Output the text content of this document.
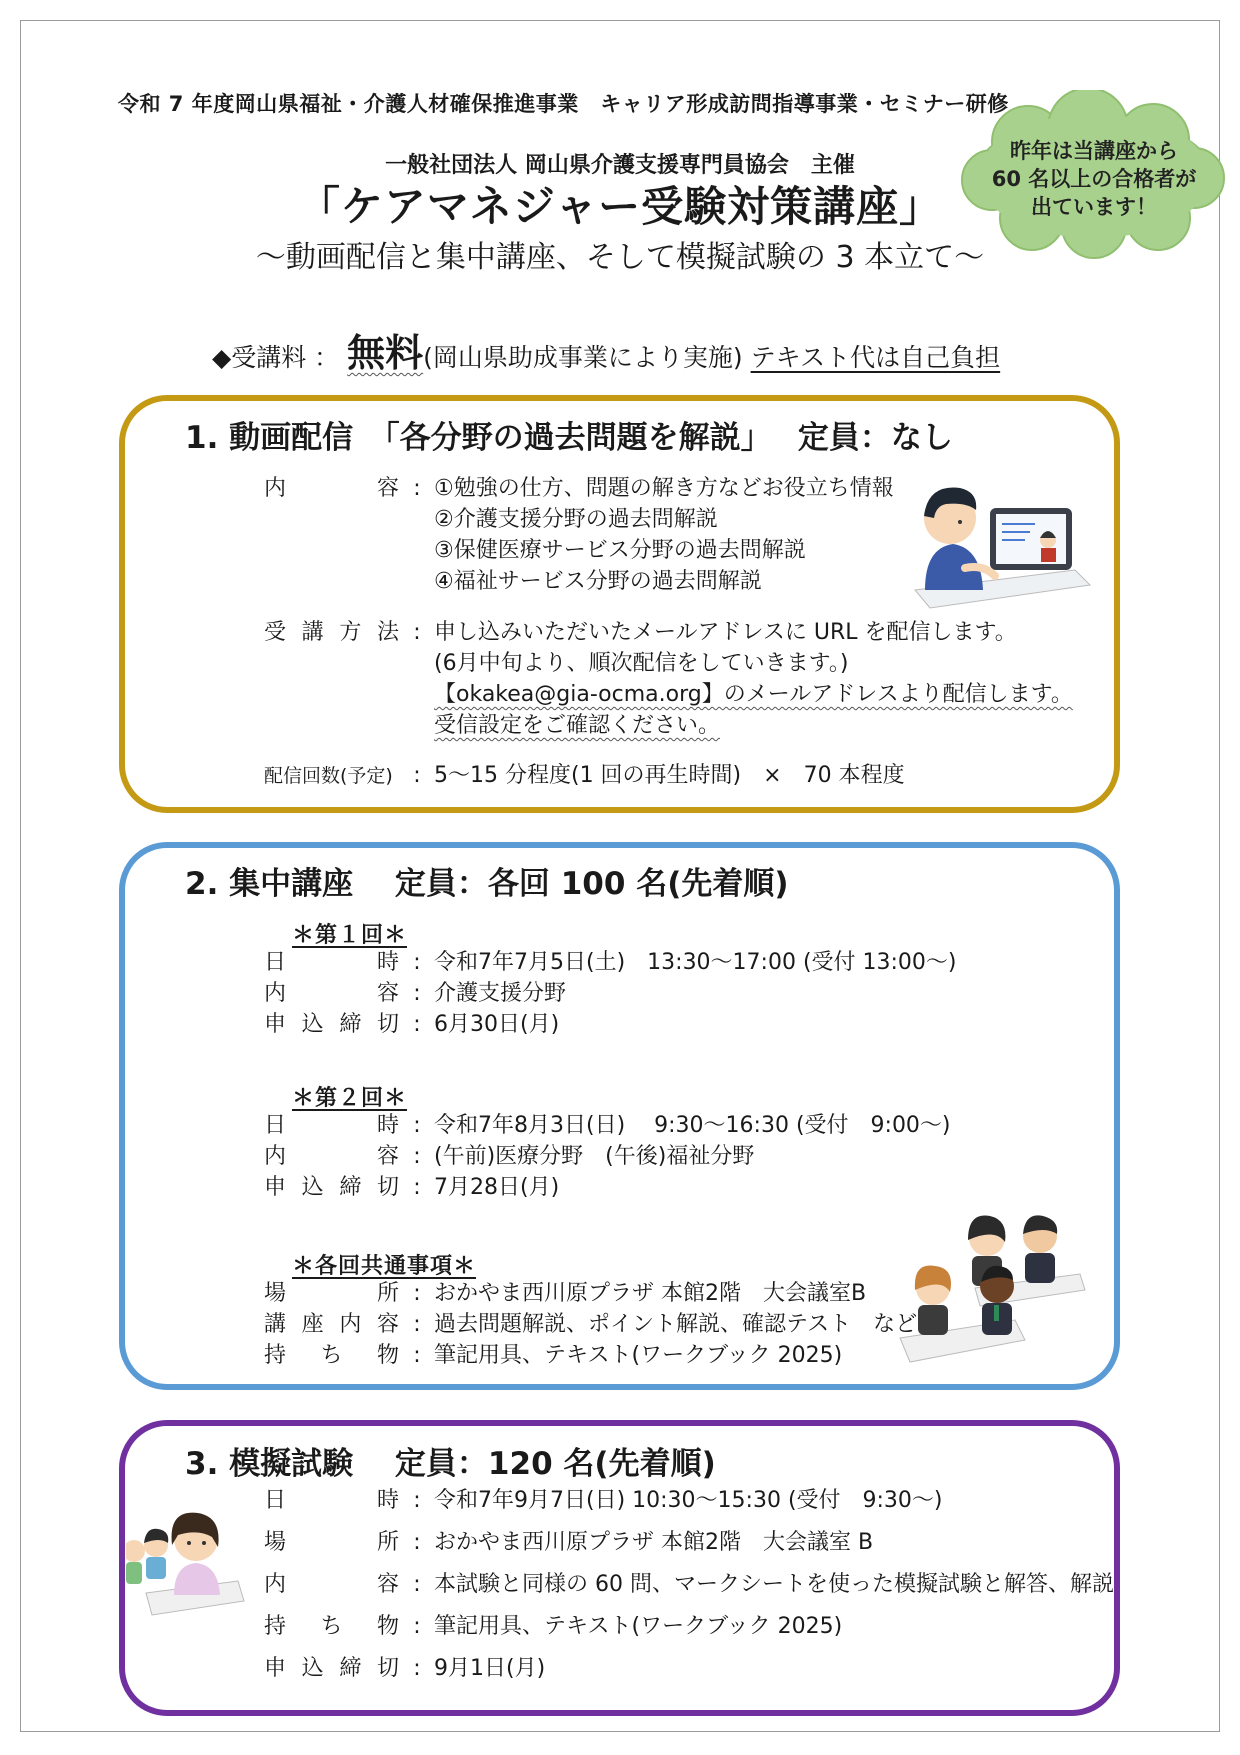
令和 7 年度岡山県福祉・介護人材確保推進事業　キャリア形成訪問指導事業・セミナー研修
一般社団法人 岡山県介護支援専門員協会　主催
「ケアマネジャー受験対策講座」
～動画配信と集中講座、そして模擬試験の 3 本立て～
昨年は当講座から
60 名以上の合格者が
出ています！
◆受講料 ： 無料(岡山県助成事業により実施) テキスト代は自己負担
1. 動画配信　「各分野の過去問題を解説」　 定員：なし
内容 : ①勉強の仕方、問題の解き方などお役立ち情報
②介護支援分野の過去問解説
③保健医療サービス分野の過去問解説
④福祉サービス分野の過去問解説
受講方法 : 申し込みいただいたメールアドレスに URL を配信します。
(6月中旬より、順次配信をしていきます。)
【okakea@gia-ocma.org】のメールアドレスより配信します。
受信設定をご確認ください。
配信回数(予定) : 5～15 分程度(1 回の再生時間)　×　70 本程度
2. 集中講座　 定員：各回 100 名(先着順)
＊第１回＊
日時 : 令和7年7月5日(土)　13:30～17:00 (受付 13:00～)
内容 : 介護支援分野
申込締切 : 6月30日(月)
＊第２回＊
日時 : 令和7年8月3日(日)　 9:30～16:30 (受付　9:00～)
内容 : (午前)医療分野　(午後)福祉分野
申込締切 : 7月28日(月)
＊各回共通事項＊
場所 : おかやま西川原プラザ 本館2階　大会議室B
講座内容 : 過去問題解説、ポイント解説、確認テスト　など
持ち物 : 筆記用具、テキスト(ワークブック 2025)
3. 模擬試験　 定員：120 名(先着順)
日時 : 令和7年9月7日(日) 10:30～15:30 (受付　9:30～)
場所 : おかやま西川原プラザ 本館2階　大会議室 B
内容 : 本試験と同様の 60 問、マークシートを使った模擬試験と解答、解説
持ち物 : 筆記用具、テキスト(ワークブック 2025)
申込締切 : 9月1日(月)
